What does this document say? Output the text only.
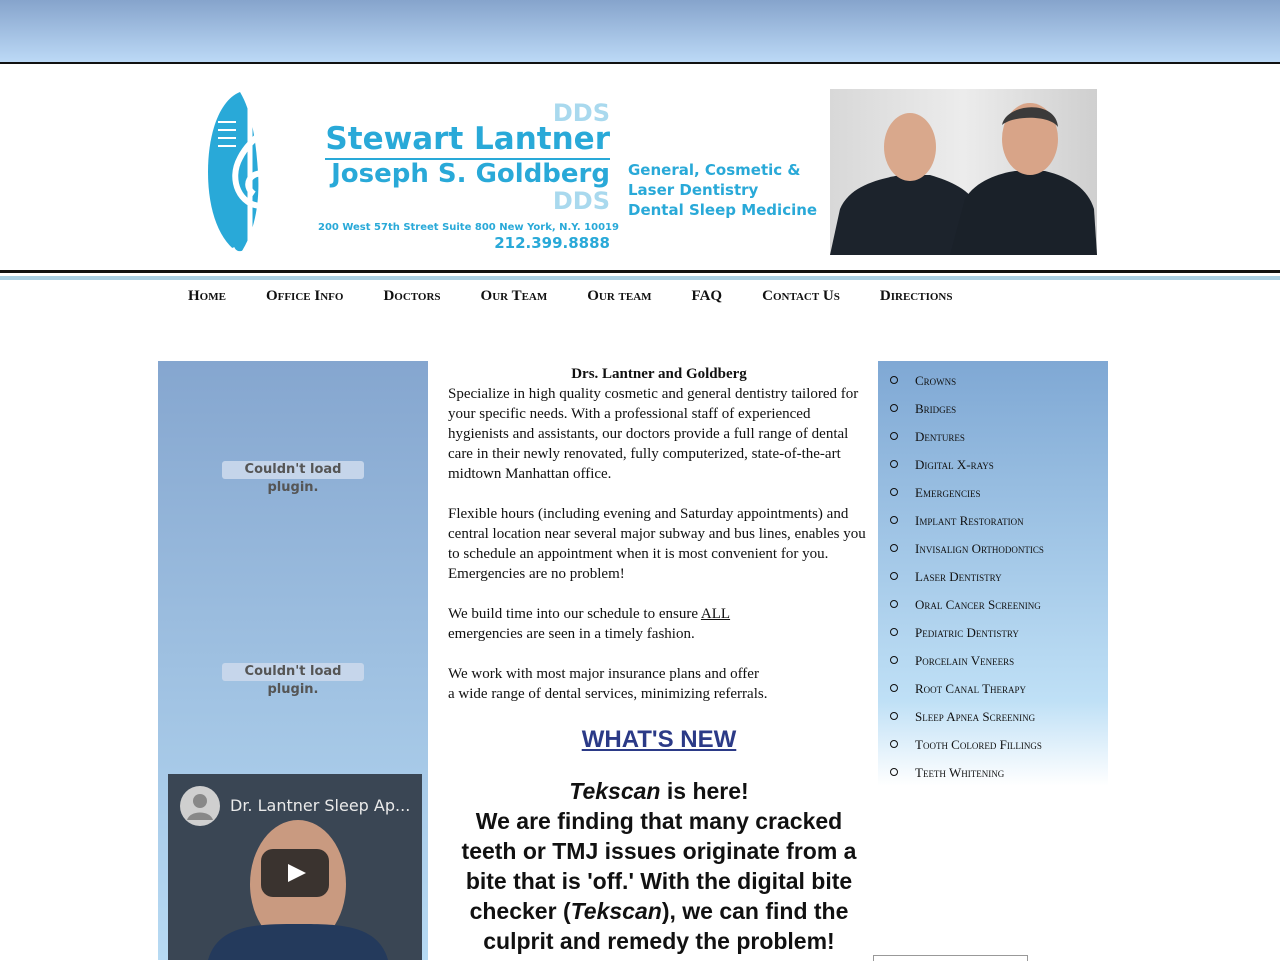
DDS
Stewart Lantner
Joseph S. Goldberg
DDS
200 West 57th Street Suite 800 New York, N.Y. 10019
212.399.8888
General, Cosmetic &
Laser Dentistry
Dental Sleep Medicine
Home	Office Info	Doctors	Our Team	Our team	FAQ	Contact Us	Directions
Couldn't load plugin.
Couldn't load plugin.
Dr. Lantner Sleep Ap...
Drs. Lantner and Goldberg
Specialize in high quality cosmetic and general dentistry tailored for your specific needs. With a professional staff of experienced hygienists and assistants, our doctors provide a full range of dental care in their newly renovated, fully computerized, state-of-the-art midtown Manhattan office.
Flexible hours (including evening and Saturday appointments) and central location near several major subway and bus lines, enables you to schedule an appointment when it is most convenient for you. Emergencies are no problem!
We build time into our schedule to ensure ALL
emergencies are seen in a timely fashion.
We work with most major insurance plans and offer
a wide range of dental services, minimizing referrals.
WHAT'S NEW
Tekscan is here!
We are finding that many cracked teeth or TMJ issues originate from a bite that is 'off.' With the digital bite checker (Tekscan), we can find the culprit and remedy the problem!
Crowns
Bridges
Dentures
Digital X-rays
Emergencies
Implant Restoration
Invisalign Orthodontics
Laser Dentistry
Oral Cancer Screening
Pediatric Dentistry
Porcelain Veneers
Root Canal Therapy
Sleep Apnea Screening
Tooth Colored Fillings
Teeth Whitening
